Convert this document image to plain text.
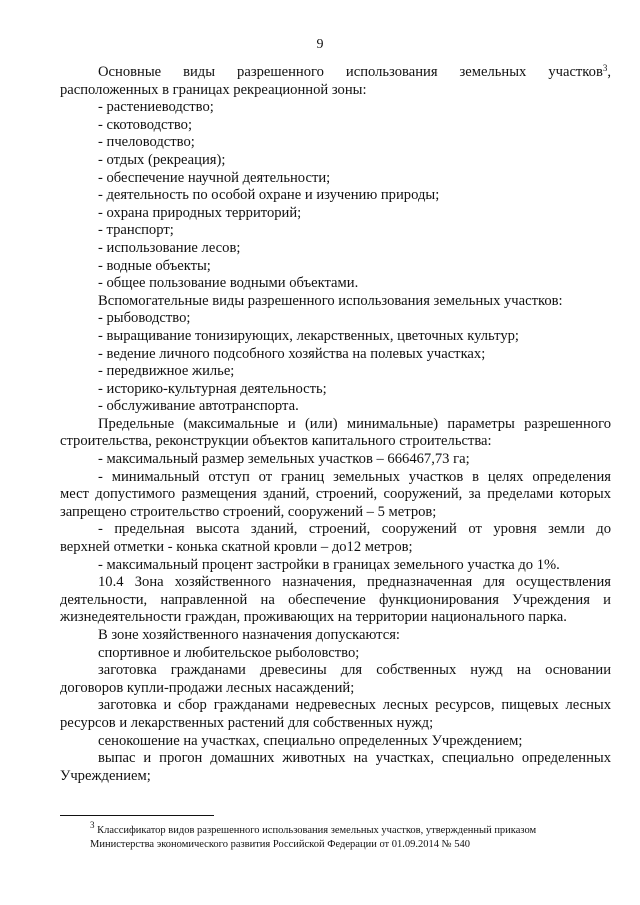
9
Основные виды разрешенного использования земельных участков$^3$,
расположенных в границах рекреационной зоны:
- растениеводство;
- скотоводство;
- пчеловодство;
- отдых (рекреация);
- обеспечение научной деятельности;
- деятельность по особой охране и изучению природы;
- охрана природных территорий;
- транспорт;
- использование лесов;
- водные объекты;
- общее пользование водными объектами.
Вспомогательные виды разрешенного использования земельных участков:
- рыбоводство;
- выращивание тонизирующих, лекарственных, цветочных культур;
- ведение личного подсобного хозяйства на полевых участках;
- передвижное жилье;
- историко-культурная деятельность;
- обслуживание автотранспорта.
Предельные (максимальные и (или) минимальные) параметры разрешенного
строительства, реконструкции объектов капитального строительства:
- максимальный размер земельных участков – 666467,73 га;
- минимальный отступ от границ земельных участков в целях определения
мест допустимого размещения зданий, строений, сооружений, за пределами которых
запрещено строительство строений, сооружений – 5 метров;
- предельная высота зданий, строений, сооружений от уровня земли до
верхней отметки - конька скатной кровли – до12 метров;
- максимальный процент застройки в границах земельного участка до 1%.
10.4 Зона хозяйственного назначения, предназначенная для осуществления
деятельности, направленной на обеспечение функционирования Учреждения и
жизнедеятельности граждан, проживающих на территории национального парка.
В зоне хозяйственного назначения допускаются:
спортивное и любительское рыболовство;
заготовка гражданами древесины для собственных нужд на основании
договоров купли-продажи лесных насаждений;
заготовка и сбор гражданами недревесных лесных ресурсов, пищевых лесных
ресурсов и лекарственных растений для собственных нужд;
сенокошение на участках, специально определенных Учреждением;
выпас и прогон домашних животных на участках, специально определенных
Учреждением;
$^3$ Классификатор видов разрешенного использования земельных участков, утвержденный приказом
Министерства экономического развития Российской Федерации от 01.09.2014 № 540
